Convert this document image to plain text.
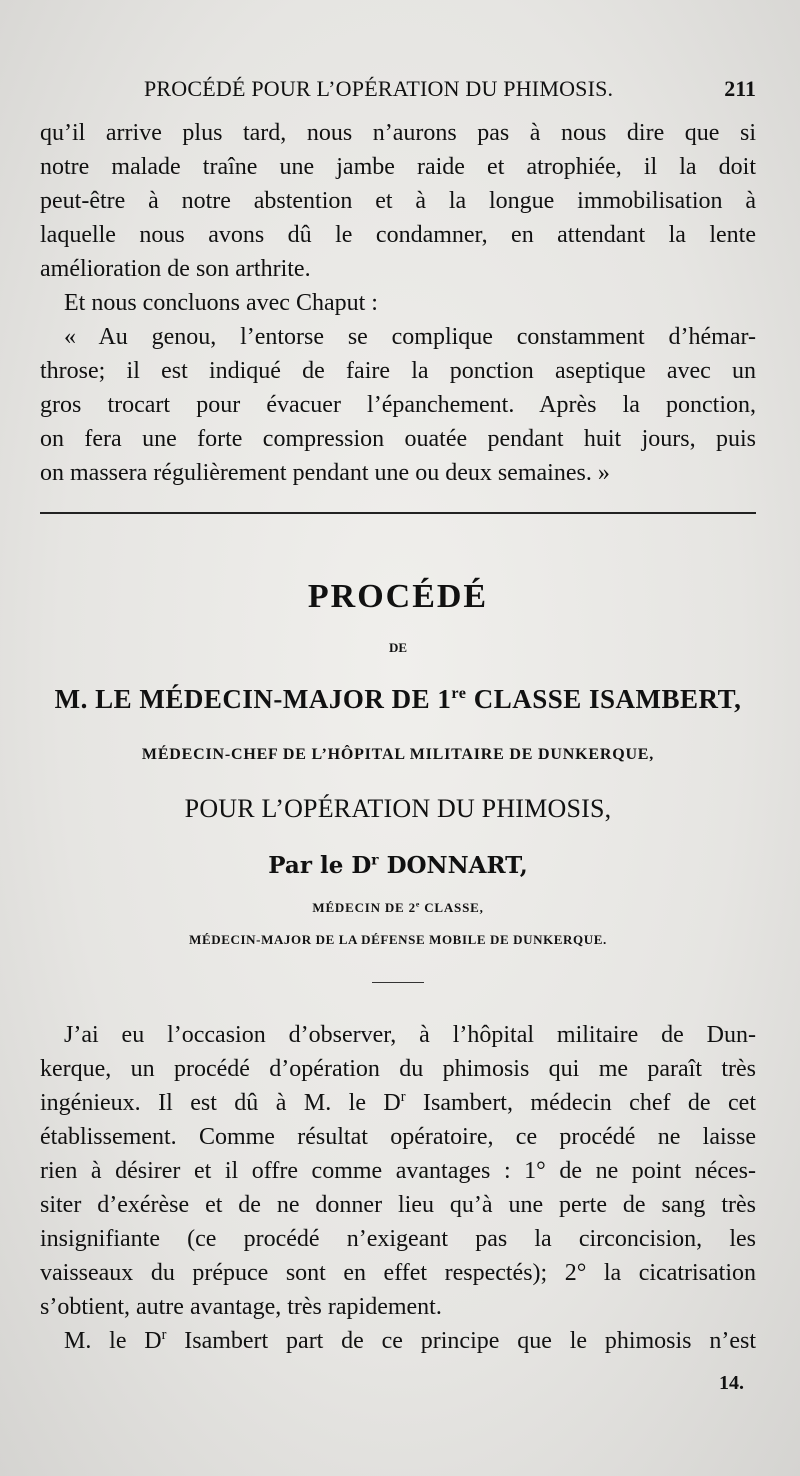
PROCÉDÉ POUR L’OPÉRATION DU PHIMOSIS.	211
qu’il arrive plus tard, nous n’aurons pas à nous dire que si
notre malade traîne une jambe raide et atrophiée, il la doit
peut-être à notre abstention et à la longue immobilisation à
laquelle nous avons dû le condamner, en attendant la lente
amélioration de son arthrite.
Et nous concluons avec Chaput :
« Au genou, l’entorse se complique constamment d’hémar-
throse; il est indiqué de faire la ponction aseptique avec un
gros trocart pour évacuer l’épanchement. Après la ponction,
on fera une forte compression ouatée pendant huit jours, puis
on massera régulièrement pendant une ou deux semaines. »
PROCÉDÉ
DE
M. LE MÉDECIN-MAJOR DE 1re CLASSE ISAMBERT,
MÉDECIN-CHEF DE L’HÔPITAL MILITAIRE DE DUNKERQUE,
POUR L’OPÉRATION DU PHIMOSIS,
Par le $D^r$ DONNART,
MÉDECIN DE 2e CLASSE,
MÉDECIN-MAJOR DE LA DÉFENSE MOBILE DE DUNKERQUE.
J’ai eu l’occasion d’observer, à l’hôpital militaire de Dun-
kerque, un procédé d’opération du phimosis qui me paraît très
ingénieux. Il est dû à M. le $D^r$ Isambert, médecin chef de cet
établissement. Comme résultat opératoire, ce procédé ne laisse
rien à désirer et il offre comme avantages : 1° de ne point néces-
siter d’exérèse et de ne donner lieu qu’à une perte de sang très
insignifiante (ce procédé n’exigeant pas la circoncision, les
vaisseaux du prépuce sont en effet respectés); 2° la cicatrisation
s’obtient, autre avantage, très rapidement.
M. le $D^r$ Isambert part de ce principe que le phimosis n’est
14.
